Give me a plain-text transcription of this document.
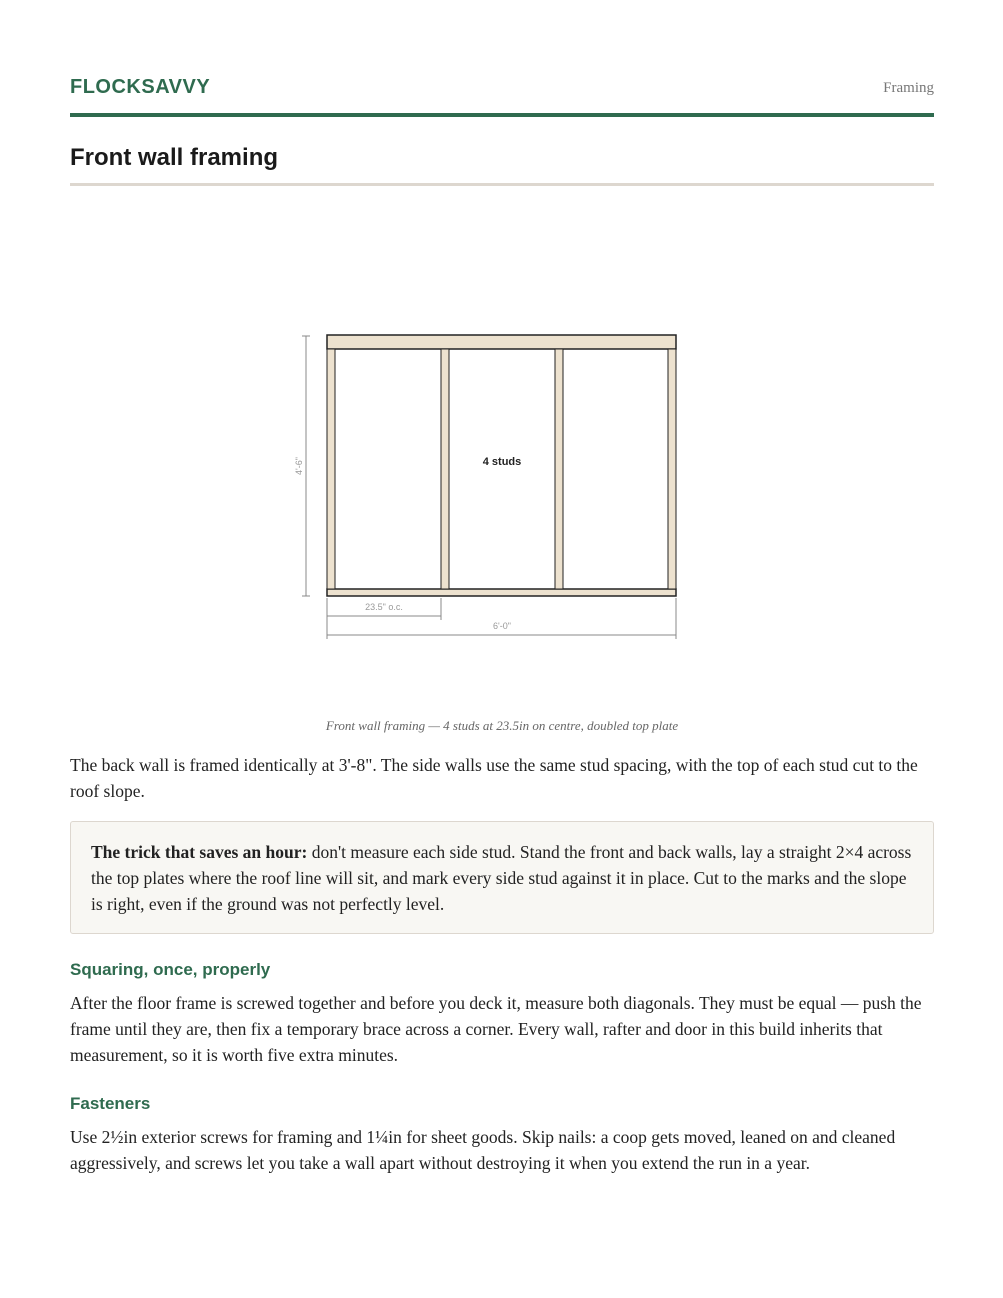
FLOCKSAVVY	Framing
Front wall framing
4'-6"	4 studs
23.5" o.c.
6'-0"
Front wall framing — 4 studs at 23.5in on centre, doubled top plate

The back wall is framed identically at 3'-8". The side walls use the same stud spacing, with the top of each stud cut to the roof slope.

The trick that saves an hour: don't measure each side stud. Stand the front and back walls, lay a straight 2×4 across the top plates where the roof line will sit, and mark every side stud against it in place. Cut to the marks and the slope is right, even if the ground was not perfectly level.

Squaring, once, properly

After the floor frame is screwed together and before you deck it, measure both diagonals. They must be equal — push the frame until they are, then fix a temporary brace across a corner. Every wall, rafter and door in this build inherits that measurement, so it is worth five extra minutes.

Fasteners

Use 2½in exterior screws for framing and 1¼in for sheet goods. Skip nails: a coop gets moved, leaned on and cleaned aggressively, and screws let you take a wall apart without destroying it when you extend the run in a year.
